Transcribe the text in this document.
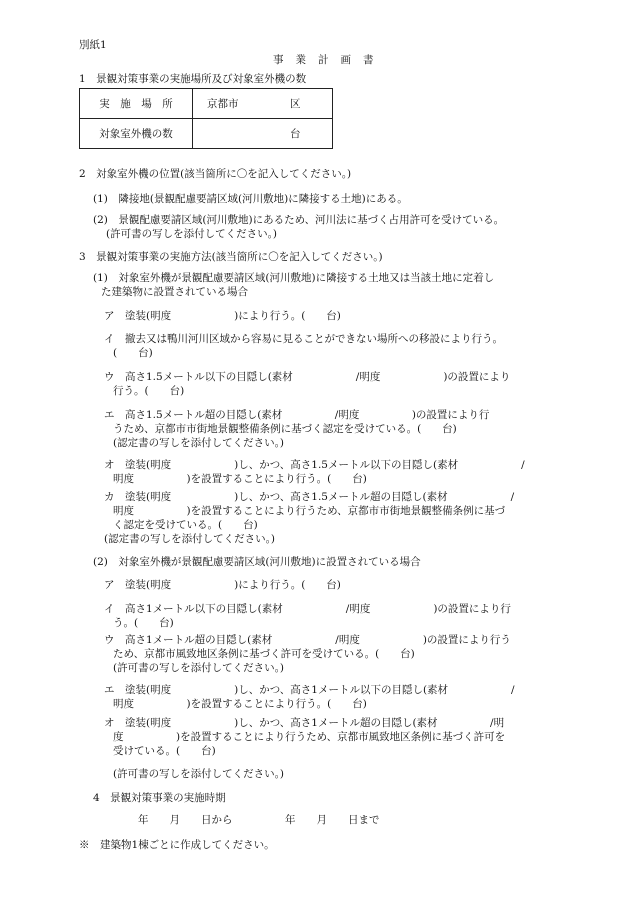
別紙1
事業計画書
1　景観対策事業の実施場所及び対象室外機の数
実　施　場　所	京都市 区

対象室外機の数	台
2　対象室外機の位置(該当箇所に〇を記入してください。)
(1)　隣接地(景観配慮要請区域(河川敷地)に隣接する土地)にある。
(2)　景観配慮要請区域(河川敷地)にあるため、河川法に基づく占用許可を受けている。
(許可書の写しを添付してください。)
3　景観対策事業の実施方法(該当箇所に〇を記入してください。)
(1)　対象室外機が景観配慮要請区域(河川敷地)に隣接する土地又は当該土地に定着し
た建築物に設置されている場合
ア　塗装(明度　　　　　　)により行う。(　　台)
イ　撤去又は鴨川河川区域から容易に見ることができない場所への移設により行う。
(　　台)
ウ　高さ1.5メートル以下の目隠し(素材　　　　　　/明度　　　　　　)の設置により
行う。(　　台)
エ　高さ1.5メートル超の目隠し(素材　　　　　/明度　　　　　)の設置により行
うため、京都市市街地景観整備条例に基づく認定を受けている。(　　台)
(認定書の写しを添付してください。)
オ　塗装(明度　　　　　　)し、かつ、高さ1.5メートル以下の目隠し(素材　　　　　　/
明度　　　　　)を設置することにより行う。(　　台)
カ　塗装(明度　　　　　　)し、かつ、高さ1.5メートル超の目隠し(素材　　　　　　/
明度　　　　　)を設置することにより行うため、京都市市街地景観整備条例に基づ
く認定を受けている。(　　台)
(認定書の写しを添付してください。)
(2)　対象室外機が景観配慮要請区域(河川敷地)に設置されている場合
ア　塗装(明度　　　　　　)により行う。(　　台)
イ　高さ1メートル以下の目隠し(素材　　　　　　/明度　　　　　　)の設置により行
う。(　　台)
ウ　高さ1メートル超の目隠し(素材　　　　　　/明度　　　　　　)の設置により行う
ため、京都市風致地区条例に基づく許可を受けている。(　　台)
(許可書の写しを添付してください。)
エ　塗装(明度　　　　　　)し、かつ、高さ1メートル以下の目隠し(素材　　　　　　/
明度　　　　　)を設置することにより行う。(　　台)
オ　塗装(明度　　　　　　)し、かつ、高さ1メートル超の目隠し(素材　　　　　/明
度　　　　　)を設置することにより行うため、京都市風致地区条例に基づく許可を
受けている。(　　台)
(許可書の写しを添付してください。)
4　景観対策事業の実施時期
年　　月　　日から　　　　　年　　月　　日まで
※　建築物1棟ごとに作成してください。
